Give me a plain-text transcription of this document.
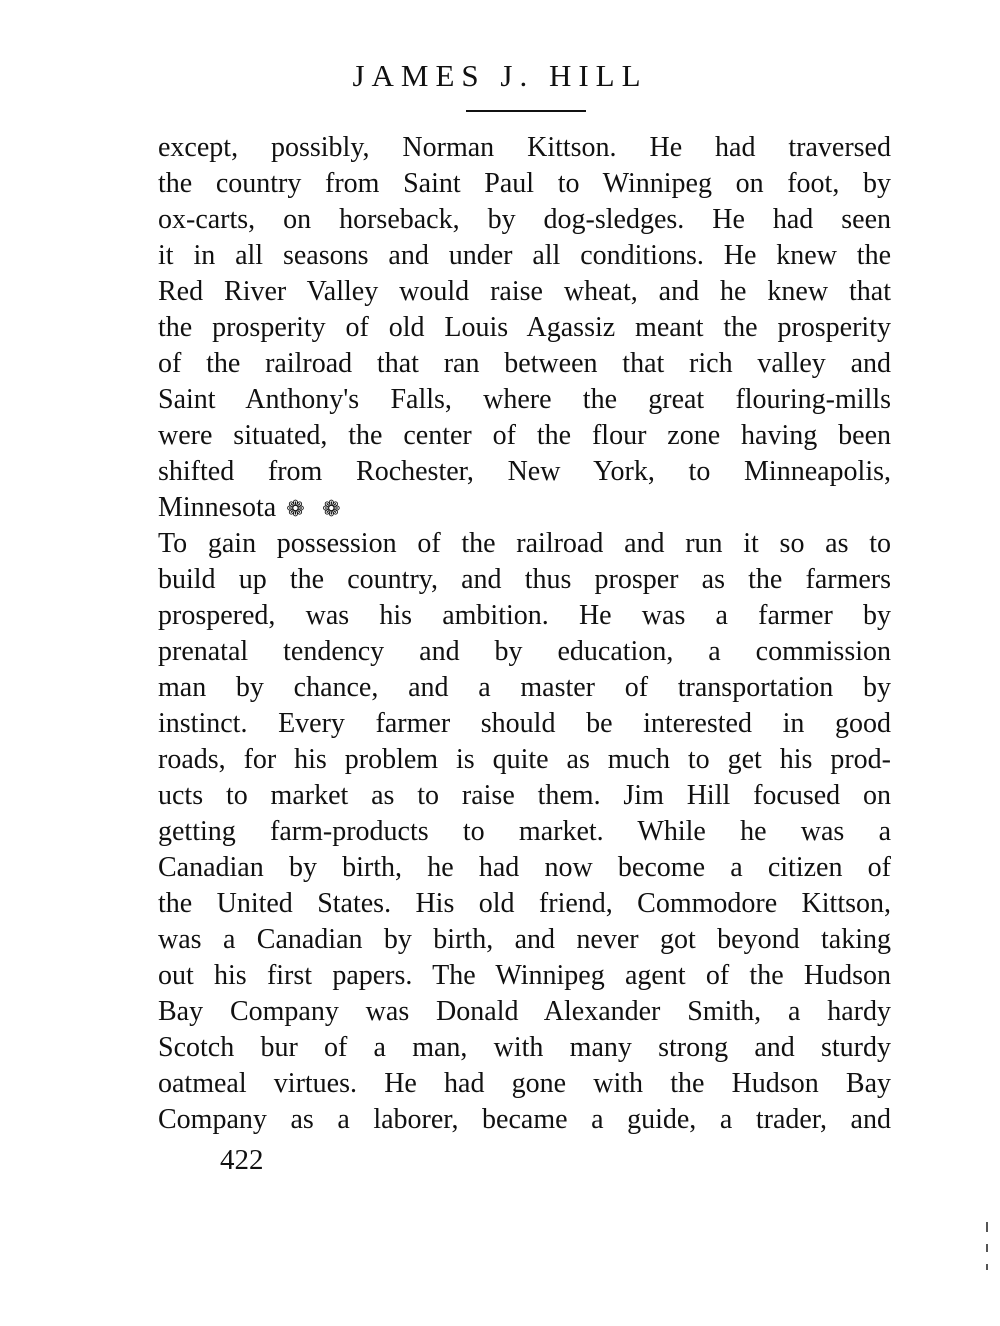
JAMES J. HILL
except, possibly, Norman Kittson. He had traversed
the country from Saint Paul to Winnipeg on foot, by
ox-carts, on horseback, by dog-sledges. He had seen
it in all seasons and under all conditions. He knew the
Red River Valley would raise wheat, and he knew that
the prosperity of old Louis Agassiz meant the prosperity
of the railroad that ran between that rich valley and
Saint Anthony's Falls, where the great flouring-mills
were situated, the center of the flour zone having been
shifted from Rochester, New York, to Minneapolis,
Minnesota ❁ ❁
To gain possession of the railroad and run it so as to
build up the country, and thus prosper as the farmers
prospered, was his ambition. He was a farmer by
prenatal tendency and by education, a commission
man by chance, and a master of transportation by
instinct. Every farmer should be interested in good
roads, for his problem is quite as much to get his prod-
ucts to market as to raise them. Jim Hill focused on
getting farm-products to market. While he was a
Canadian by birth, he had now become a citizen of
the United States. His old friend, Commodore Kittson,
was a Canadian by birth, and never got beyond taking
out his first papers. The Winnipeg agent of the Hudson
Bay Company was Donald Alexander Smith, a hardy
Scotch bur of a man, with many strong and sturdy
oatmeal virtues. He had gone with the Hudson Bay
Company as a laborer, became a guide, a trader, and
422
